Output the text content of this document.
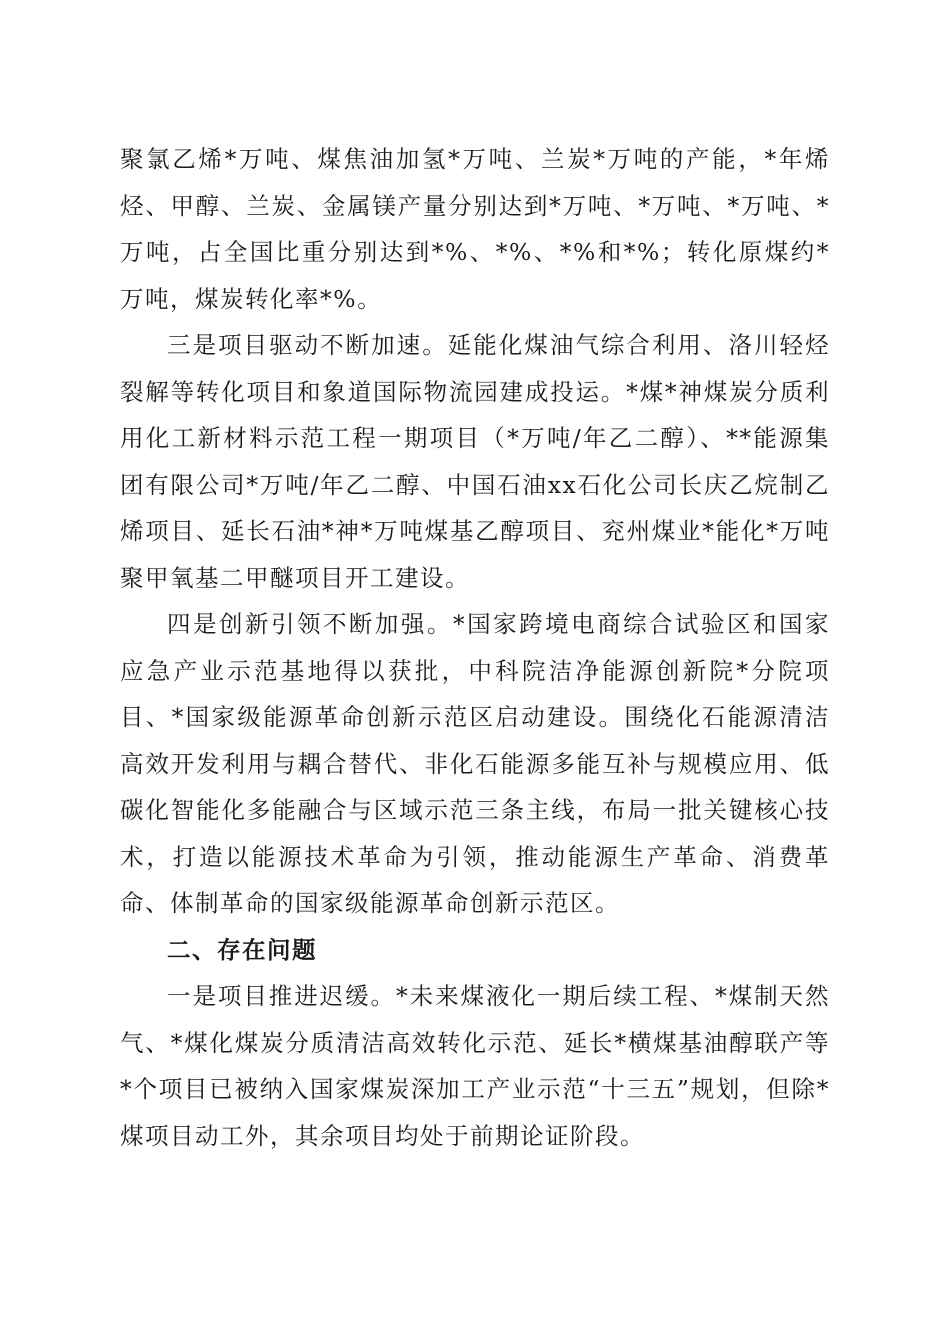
聚氯乙烯*万吨、煤焦油加氢*万吨、兰炭*万吨的产能，*年烯烃、甲醇、兰炭、金属镁产量分别达到*万吨、*万吨、*万吨、*万吨，占全国比重分别达到*%、*%、*%和*%；转化原煤约*万吨，煤炭转化率*%。

三是项目驱动不断加速。延能化煤油气综合利用、洛川轻烃裂解等转化项目和象道国际物流园建成投运。*煤*神煤炭分质利用化工新材料示范工程一期项目（*万吨/年乙二醇）、**能源集团有限公司*万吨/年乙二醇、中国石油xx石化公司长庆乙烷制乙烯项目、延长石油*神*万吨煤基乙醇项目、兖州煤业*能化*万吨聚甲氧基二甲醚项目开工建设。

四是创新引领不断加强。*国家跨境电商综合试验区和国家应急产业示范基地得以获批，中科院洁净能源创新院*分院项目、*国家级能源革命创新示范区启动建设。围绕化石能源清洁高效开发利用与耦合替代、非化石能源多能互补与规模应用、低碳化智能化多能融合与区域示范三条主线，布局一批关键核心技术，打造以能源技术革命为引领，推动能源生产革命、消费革命、体制革命的国家级能源革命创新示范区。

二、存在问题

一是项目推进迟缓。*未来煤液化一期后续工程、*煤制天然气、*煤化煤炭分质清洁高效转化示范、延长*横煤基油醇联产等*个项目已被纳入国家煤炭深加工产业示范“十三五”规划，但除*煤项目动工外，其余项目均处于前期论证阶段。
